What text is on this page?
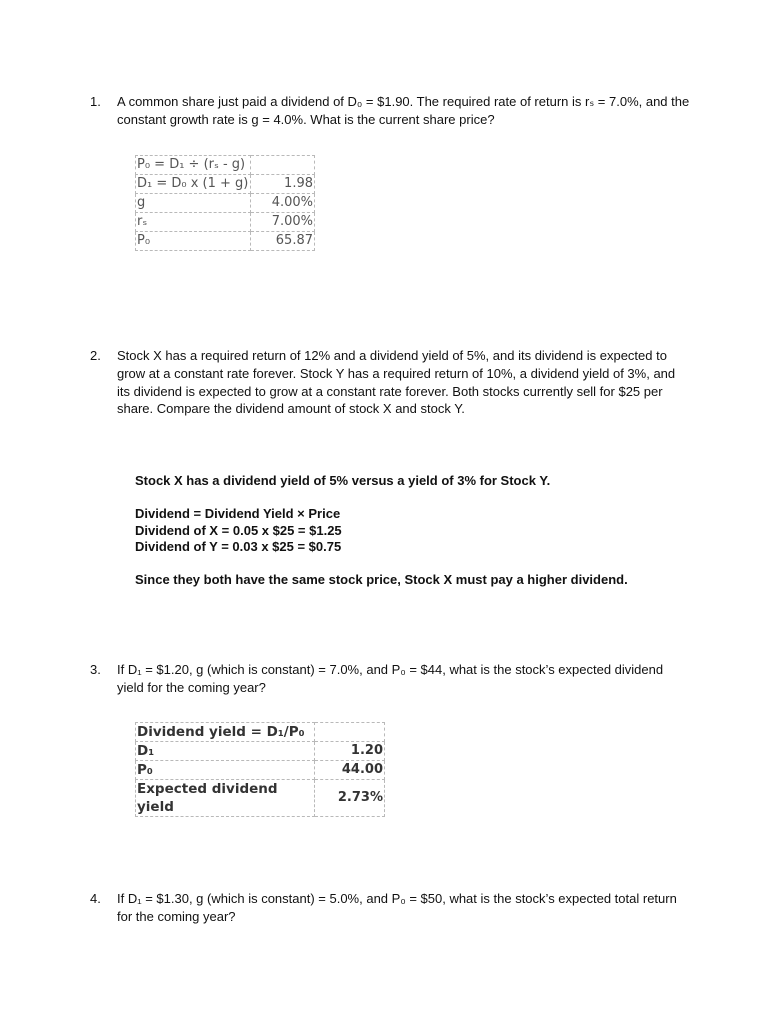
1. A common share just paid a dividend of D₀ = $1.90. The required rate of return is rₛ = 7.0%, and the constant growth rate is g = 4.0%. What is the current share price?
P₀ = D₁ ÷ (rₛ - g)	
D₁ = D₀ x (1 + g)	1.98
g	4.00%
rₛ	7.00%
P₀	65.87
2. Stock X has a required return of 12% and a dividend yield of 5%, and its dividend is expected to grow at a constant rate forever. Stock Y has a required return of 10%, a dividend yield of 3%, and its dividend is expected to grow at a constant rate forever. Both stocks currently sell for $25 per share. Compare the dividend amount of stock X and stock Y.

Stock X has a dividend yield of 5% versus a yield of 3% for Stock Y.

Dividend = Dividend Yield × Price

Dividend of X = 0.05 x $25 = $1.25

Dividend of Y = 0.03 x $25 = $0.75

Since they both have the same stock price, Stock X must pay a higher dividend.

3. If D₁ = $1.20, g (which is constant) = 7.0%, and P₀ = $44, what is the stock’s expected dividend yield for the coming year?
Dividend yield = D₁/P₀	
D₁	1.20
P₀	44.00
Expected dividend yield	2.73%
4. If D₁ = $1.30, g (which is constant) = 5.0%, and P₀ = $50, what is the stock’s expected total return for the coming year?
